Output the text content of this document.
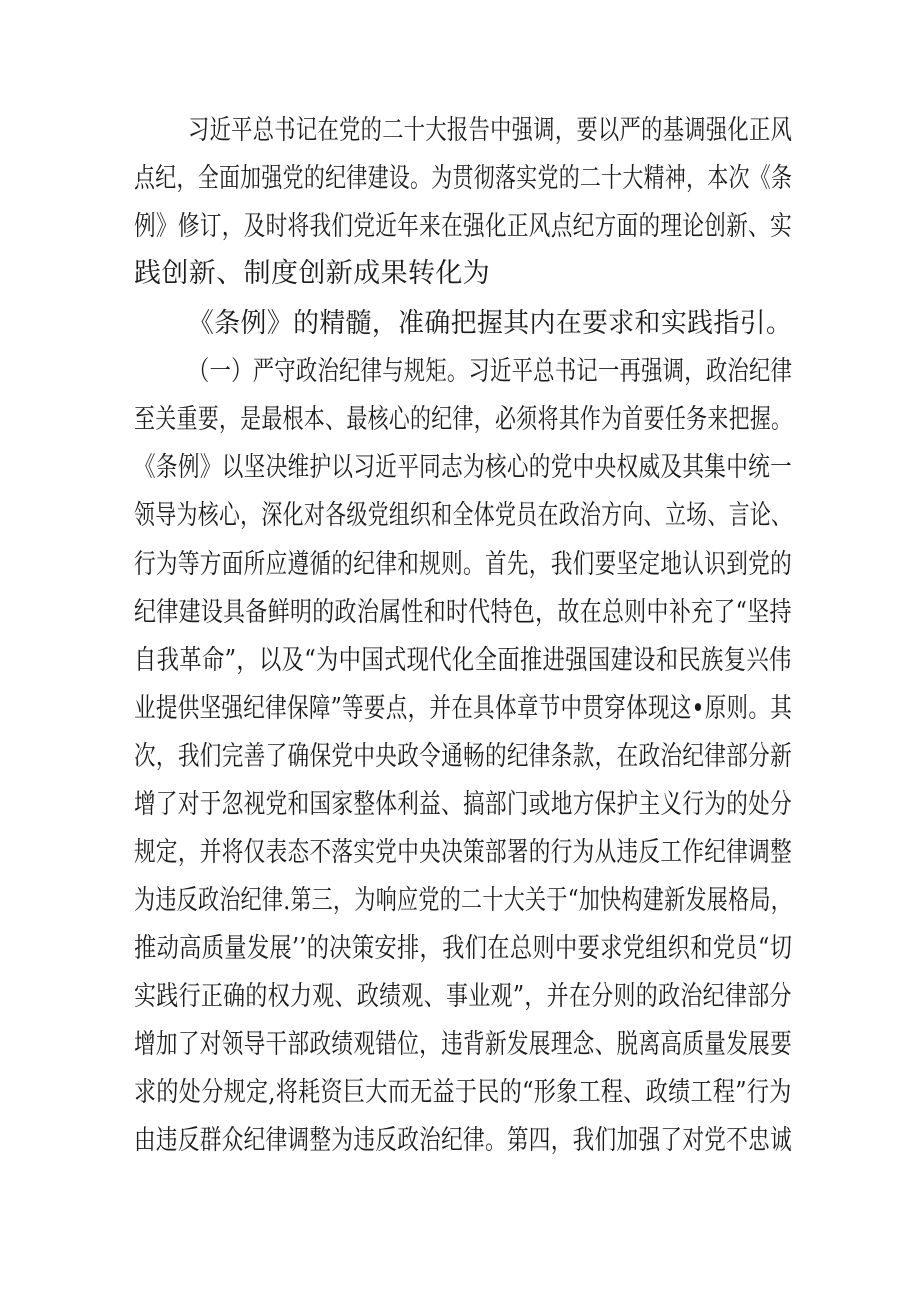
习近平总书记在党的二十大报告中强调，要以严的基调强化正风

点纪，全面加强党的纪律建设。为贯彻落实党的二十大精神，本次《条

例》修订，及时将我们党近年来在强化正风点纪方面的理论创新、实

践创新、制度创新成果转化为

《条例》的精髓，准确把握其内在要求和实践指引。

（一）严守政治纪律与规矩。习近平总书记一再强调，政治纪律

至关重要，是最根本、最核心的纪律，必须将其作为首要任务来把握。

《条例》以坚决维护以习近平同志为核心的党中央权威及其集中统一

领导为核心，深化对各级党组织和全体党员在政治方向、立场、言论、

行为等方面所应遵循的纪律和规则。首先，我们要坚定地认识到党的

纪律建设具备鲜明的政治属性和时代特色，故在总则中补充了“坚持

自我革命”，以及“为中国式现代化全面推进强国建设和民族复兴伟

业提供坚强纪律保障”等要点，并在具体章节中贯穿体现这•原则。其

次，我们完善了确保党中央政令通畅的纪律条款，在政治纪律部分新

增了对于忽视党和国家整体利益、搞部门或地方保护主义行为的处分

规定，并将仅表态不落实党中央决策部署的行为从违反工作纪律调整

为违反政治纪律.第三，为响应党的二十大关于“加快构建新发展格局，

推动高质量发展’’的决策安排，我们在总则中要求党组织和党员“切

实践行正确的权力观、政绩观、事业观”，并在分则的政治纪律部分

增加了对领导干部政绩观错位，违背新发展理念、脱离高质量发展要

求的处分规定,将耗资巨大而无益于民的“形象工程、政绩工程”行为

由违反群众纪律调整为违反政治纪律。第四，我们加强了对党不忠诚
